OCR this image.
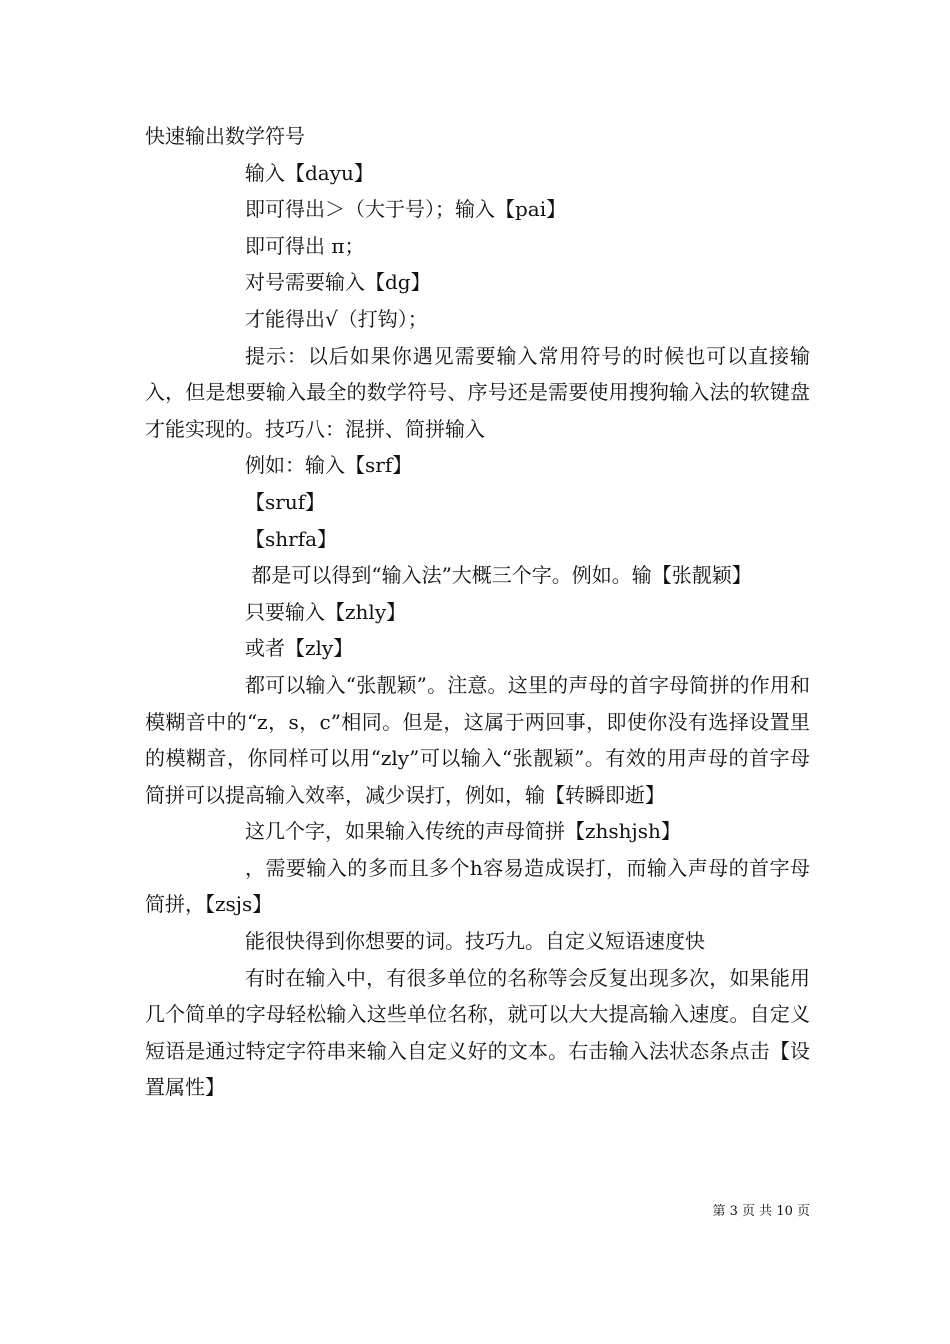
快速输出数学符号

输入【dayu】

即可得出＞（大于号）；输入【pai】

即可得出 π；

对号需要输入【dg】

才能得出√（打钩）；

提示：以后如果你遇见需要输入常用符号的时候也可以直接输入，但是想要输入最全的数学符号、序号还是需要使用搜狗输入法的软键盘才能实现的。技巧八：混拼、简拼输入

例如：输入【srf】

【sruf】

【shrfa】

都是可以得到“输入法”大概三个字。例如。输【张靓颖】

只要输入【zhly】

或者【zly】

都可以输入“张靓颖”。注意。这里的声母的首字母简拼的作用和模糊音中的“z，s，c”相同。但是，这属于两回事，即使你没有选择设置里的模糊音，你同样可以用“zly”可以输入“张靓颖”。有效的用声母的首字母简拼可以提高输入效率，减少误打，例如，输【转瞬即逝】

这几个字，如果输入传统的声母简拼【zhshjsh】

，需要输入的多而且多个h容易造成误打，而输入声母的首字母简拼，【zsjs】

能很快得到你想要的词。技巧九。自定义短语速度快

有时在输入中，有很多单位的名称等会反复出现多次，如果能用几个简单的字母轻松输入这些单位名称，就可以大大提高输入速度。自定义短语是通过特定字符串来输入自定义好的文本。右击输入法状态条点击【设置属性】

第 3 页 共 10 页
